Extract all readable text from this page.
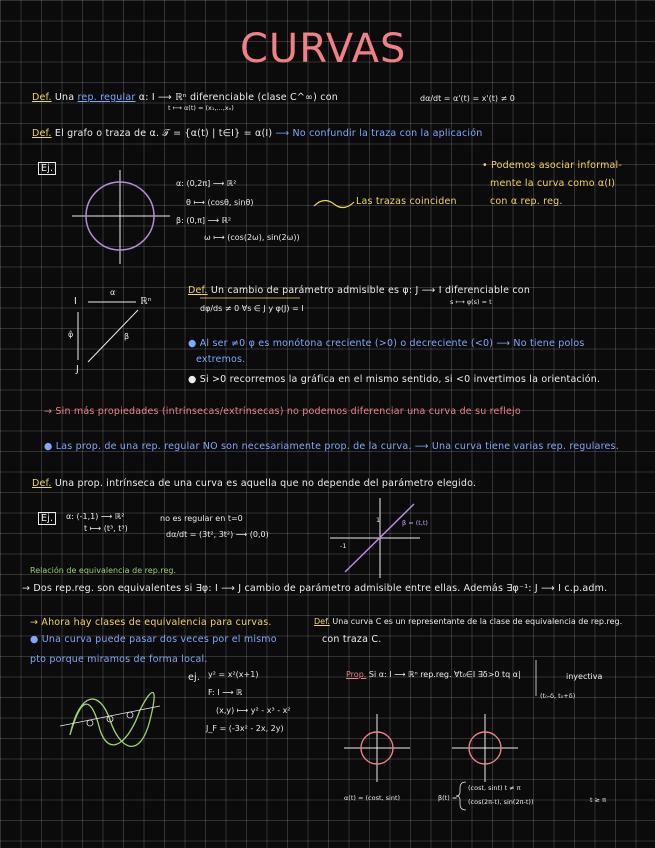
CURVAS
Def. Una rep. regular α: I ⟶ ℝⁿ diferenciable (clase C^∞) con
t ⟼ α(t) = (x₁,...,xₙ)
dα/dt = α'(t) = x'(t) ≠ 0
Def. El grafo o traza de α. 𝒯 = {α(t) | t∈I} = α(I) ⟶ No confundir la traza con la aplicación
Ej.
α: (0,2π] ⟶ ℝ²
θ ⟼ (cosθ, sinθ)
β: (0,π] ⟶ ℝ²
ω ⟼ (cos(2ω), sin(2ω))
Las trazas coinciden
• Podemos asociar informal-
mente la curva como α(I)
con α rep. reg.
I
J
ℝⁿ
α
φ̂	β
Def. Un cambio de parámetro admisible es φ: J ⟶ I diferenciable con
s ⟼ φ(s) = t
dφ/ds ≠ 0 ∀s ∈ J y φ(J) = I
● Al ser ≠0 φ es monótona creciente (>0) o decreciente (<0) ⟶ No tiene polos
extremos.
● Si >0 recorremos la gráfica en el mismo sentido, si <0 invertimos la orientación.
→ Sin más propiedades (intrínsecas/extrínsecas) no podemos diferenciar una curva de su reflejo
● Las prop. de una rep. regular NO son necesariamente prop. de la curva. ⟶ Una curva tiene varias rep. regulares.
Def. Una prop. intrínseca de una curva es aquella que no depende del parámetro elegido.
Ej.	α: (-1,1) ⟶ ℝ²
t ⟼ (t³, t³)
no es regular en t=0
dα/dt = (3t², 3t²) ⟶ (0,0)
β = (t,t)
1
-1
Relación de equivalencia de rep.reg.
→ Dos rep.reg. son equivalentes si ∃φ: I ⟶ J cambio de parámetro admisible entre ellas. Además ∃φ⁻¹: J ⟶ I c.p.adm.
→ Ahora hay clases de equivalencia para curvas.
● Una curva puede pasar dos veces por el mismo
pto porque miramos de forma local.
Def. Una curva C es un representante de la clase de equivalencia de rep.reg.
con traza C.
ej. y² = x²(x+1)
F: I ⟶ ℝ
(x,y) ⟼ y² - x³ - x²
J_F = (-3x² - 2x, 2y)
Prop. Si α: I ⟶ ℝⁿ rep.reg. ∀t₀∈I ∃δ>0 tq α|
(t₀-δ, t₀+δ)
inyectiva
α(t) = (cost, sint)	β(t) =
(cost, sint) t ≠ π
(cos(2π-t), sin(2π-t))	t ≥ π
